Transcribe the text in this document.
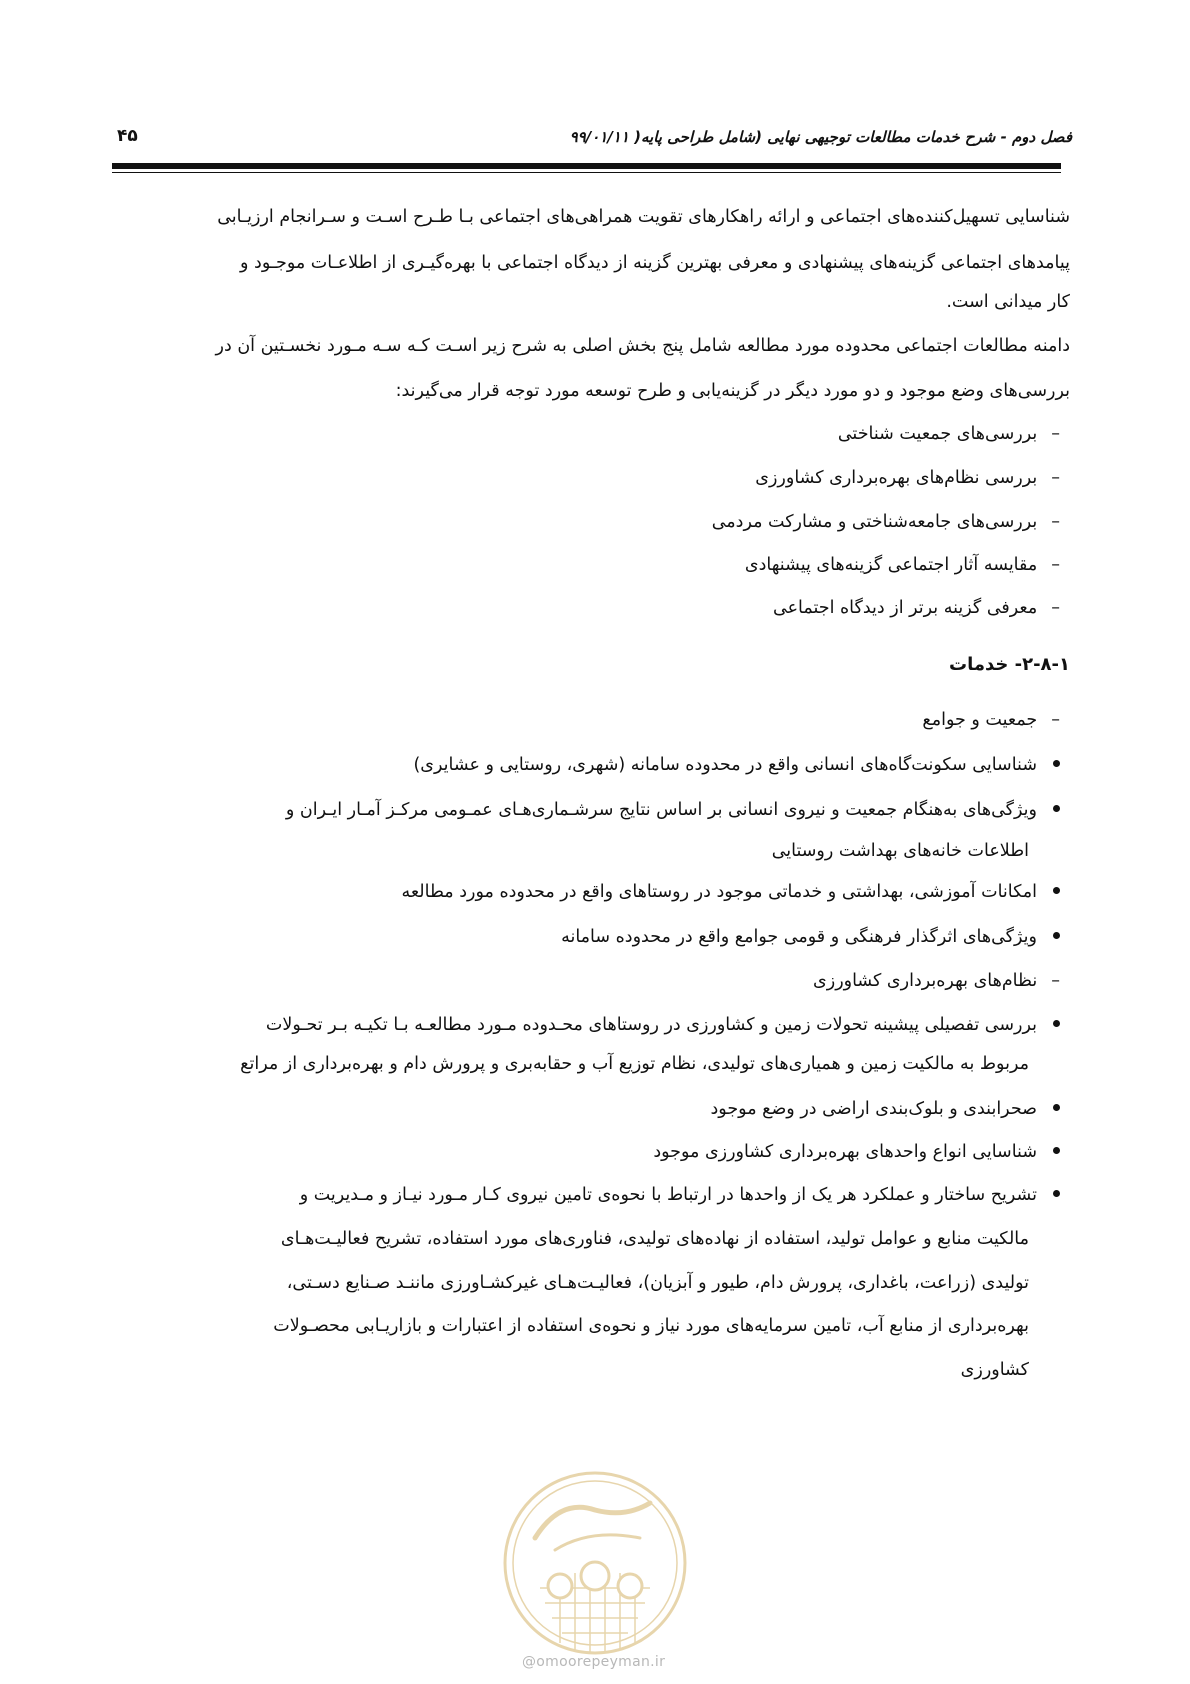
فصل دوم - شرح خدمات مطالعات توجیهی نهایی (شامل طراحی پایه( ۹۹/۰۱/۱۱
۴۵
شناسایی تسهیل‌کننده‌های اجتماعی و ارائه راهکارهای تقویت همراهی‌های اجتماعی بـا طـرح اسـت و سـرانجام ارزیـابی
پیامدهای اجتماعی گزینه‌های پیشنهادی و معرفی بهترین گزینه از دیدگاه اجتماعی با بهره‌گیـری از اطلاعـات موجـود و
کار میدانی است.
دامنه مطالعات اجتماعی محدوده مورد مطالعه شامل پنج بخش اصلی به شرح زیر اسـت کـه سـه مـورد نخسـتین آن در
بررسی‌های وضع موجود و دو مورد دیگر در گزینه‌یابی و طرح توسعه مورد توجه قرار می‌گیرند:
–بررسی‌های جمعیت شناختی
–بررسی نظام‌های بهره‌برداری کشاورزی
–بررسی‌های جامعه‌شناختی و مشارکت مردمی
–مقایسه آثار اجتماعی گزینه‌های پیشنهادی
–معرفی گزینه برتر از دیدگاه اجتماعی
۲-۸-۱- خدمات
–جمعیت و جوامع
شناسایی سکونت‌گاه‌های انسانی واقع در محدوده سامانه (شهری، روستایی و عشایری)
ویژگی‌های به‌هنگام جمعیت و نیروی انسانی بر اساس نتایج سرشـماری‌هـای عمـومی مرکـز آمـار ایـران و
اطلاعات خانه‌های بهداشت روستایی
امکانات آموزشی، بهداشتی و خدماتی موجود در روستاهای واقع در محدوده مورد مطالعه
ویژگی‌های اثرگذار فرهنگی و قومی جوامع واقع در محدوده سامانه
–نظام‌های بهره‌برداری کشاورزی
بررسی تفصیلی پیشینه تحولات زمین و کشاورزی در روستاهای محـدوده مـورد مطالعـه بـا تکیـه بـر تحـولات
مربوط به مالکیت زمین و همیاری‌های تولیدی، نظام توزیع آب و حقابه‌بری و پرورش دام و بهره‌برداری از مراتع
صحرابندی و بلوک‌بندی اراضی در وضع موجود
شناسایی انواع واحدهای بهره‌برداری کشاورزی موجود
تشریح ساختار و عملکرد هر یک از واحدها در ارتباط با نحوه‌ی تامین نیروی کـار مـورد نیـاز و مـدیریت و
مالکیت منابع و عوامل تولید، استفاده از نهاده‌های تولیدی، فناوری‌های مورد استفاده، تشریح فعالیـت‌هـای
تولیدی (زراعت، باغداری، پرورش دام، طیور و آبزیان)، فعالیـت‌هـای غیرکشـاورزی ماننـد صـنایع دسـتی،
بهره‌برداری از منابع آب، تامین سرمایه‌های مورد نیاز و نحوه‌ی استفاده از اعتبارات و بازاریـابی محصـولات
کشاورزی
@omoorepeyman.ir
